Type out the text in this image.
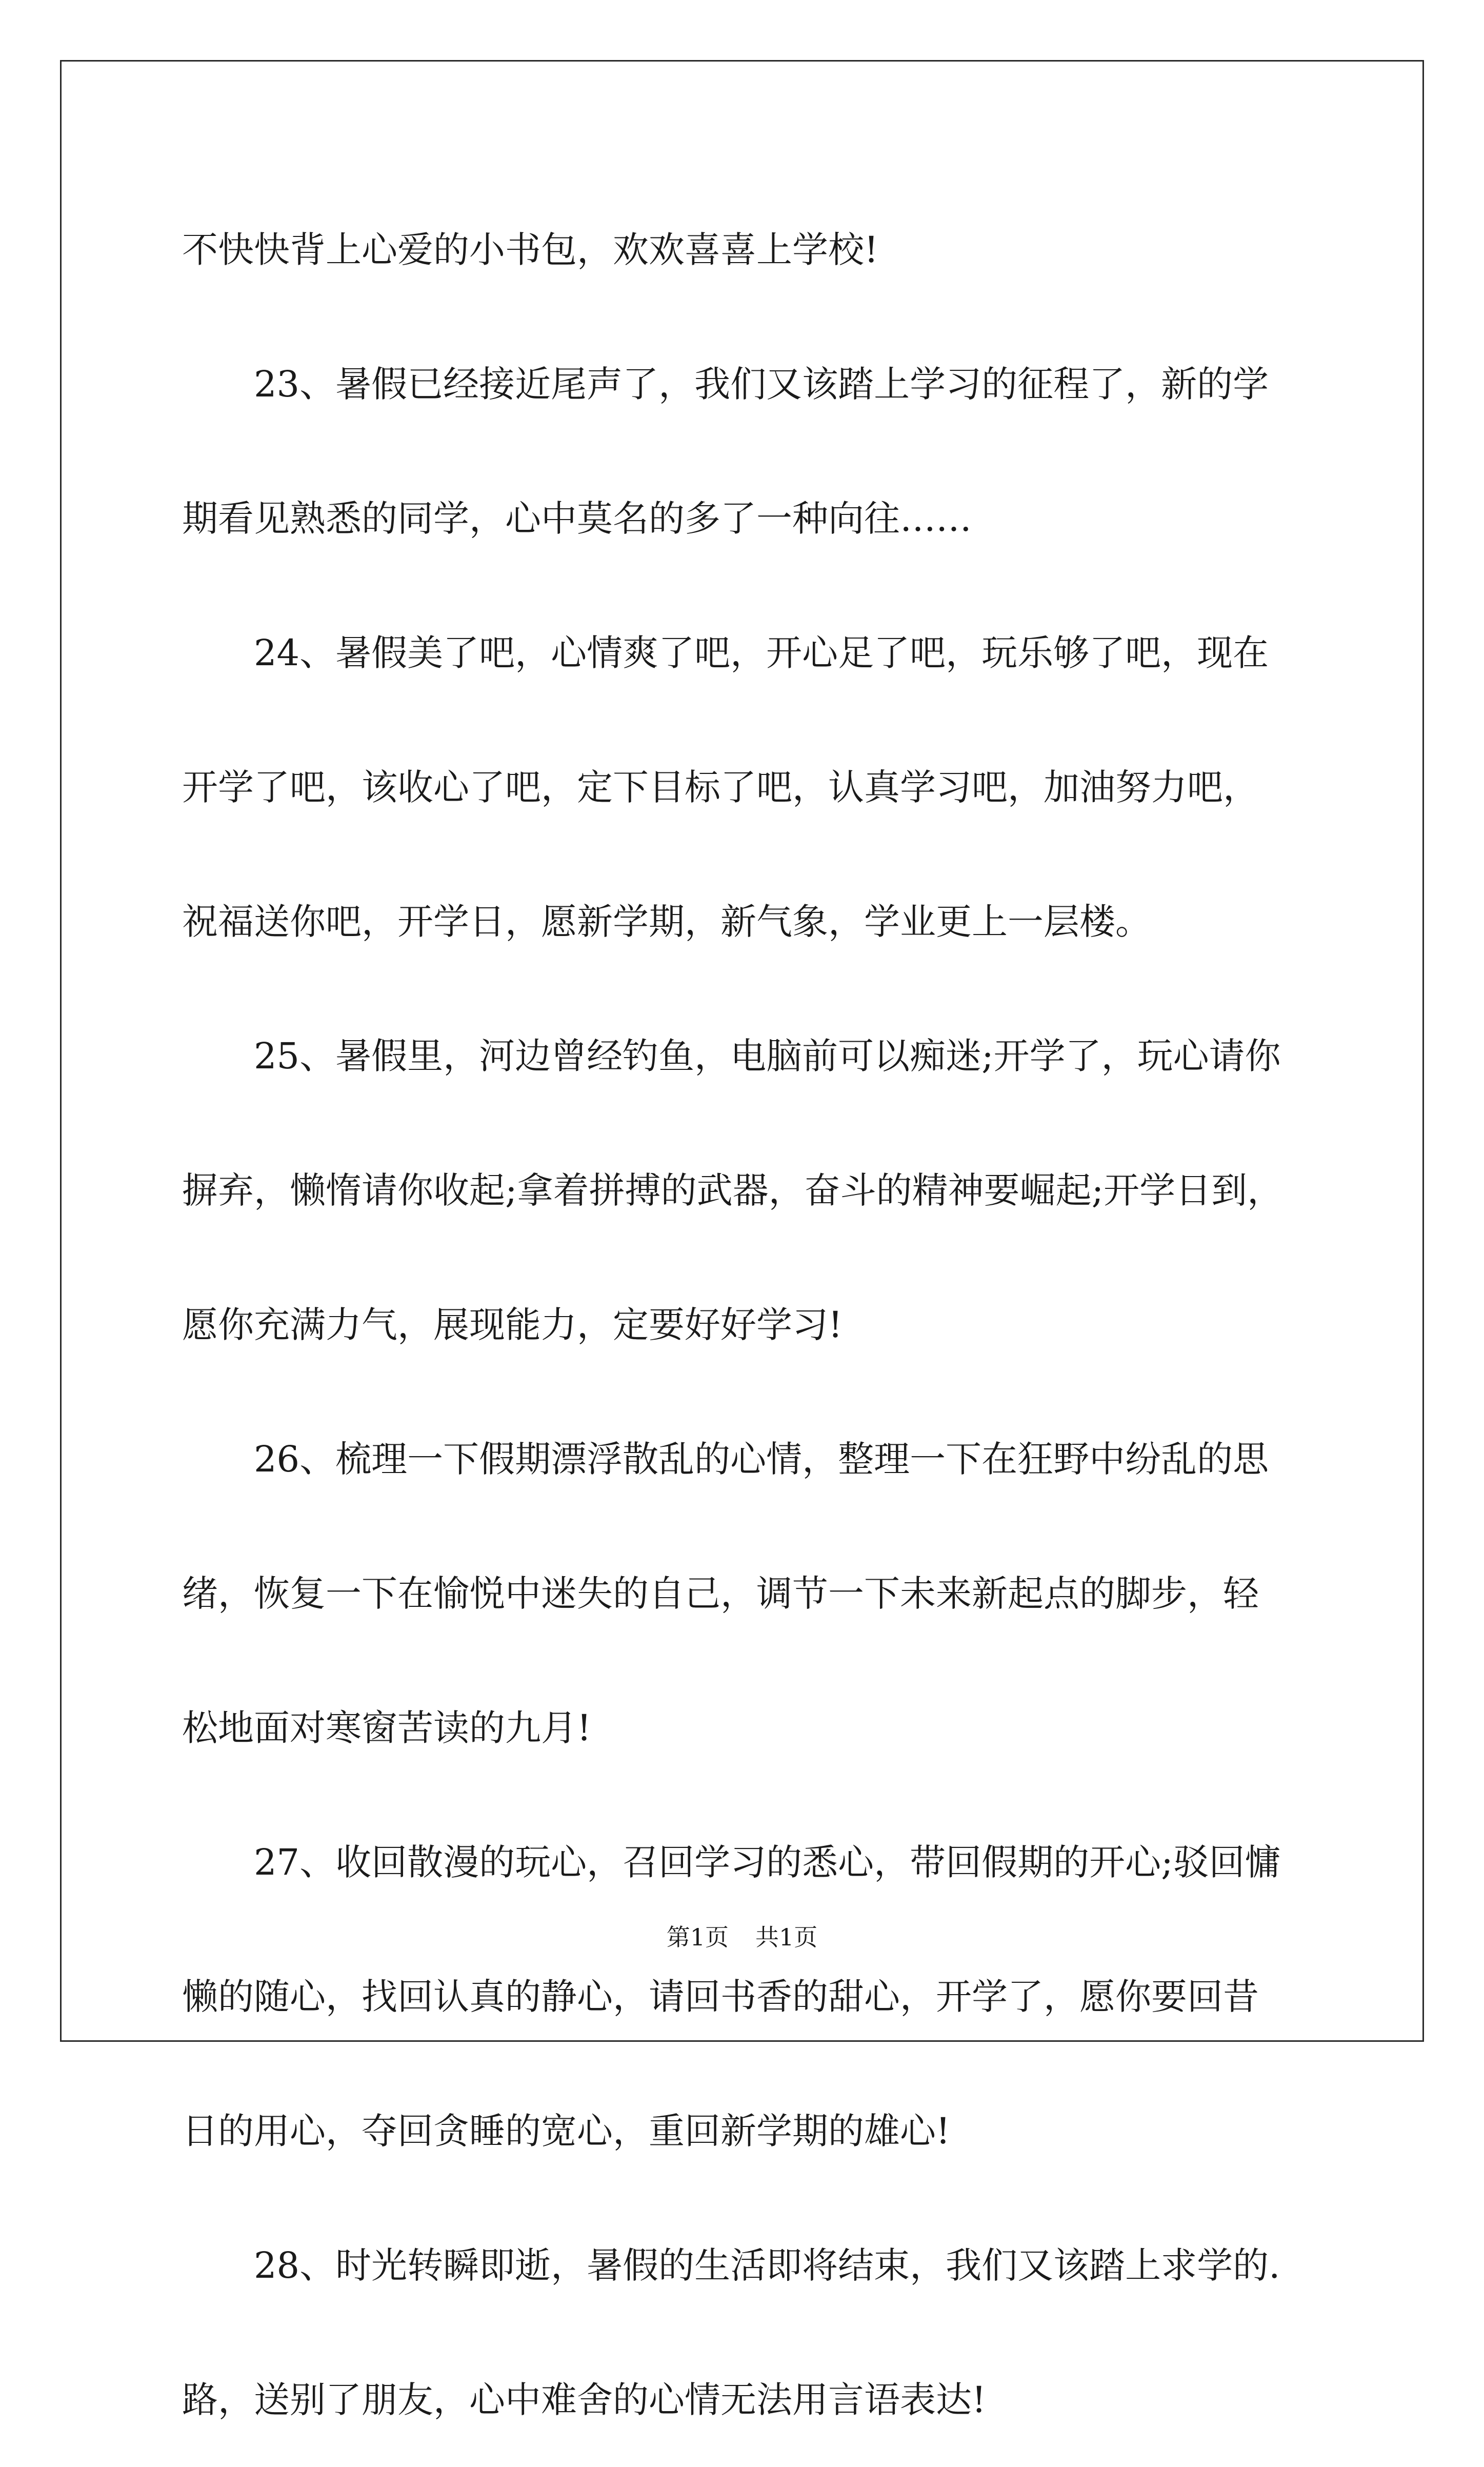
不快快背上心爱的小书包，欢欢喜喜上学校!
23、暑假已经接近尾声了，我们又该踏上学习的征程了，新的学
期看见熟悉的同学，心中莫名的多了一种向往……
24、暑假美了吧，心情爽了吧，开心足了吧，玩乐够了吧，现在
开学了吧，该收心了吧，定下目标了吧，认真学习吧，加油努力吧，
祝福送你吧，开学日，愿新学期，新气象，学业更上一层楼。
25、暑假里，河边曾经钓鱼，电脑前可以痴迷;开学了，玩心请你
摒弃，懒惰请你收起;拿着拼搏的武器，奋斗的精神要崛起;开学日到，
愿你充满力气，展现能力，定要好好学习!
26、梳理一下假期漂浮散乱的心情，整理一下在狂野中纷乱的思
绪，恢复一下在愉悦中迷失的自己，调节一下未来新起点的脚步，轻
松地面对寒窗苦读的九月!
27、收回散漫的玩心，召回学习的悉心，带回假期的开心;驳回慵
懒的随心，找回认真的静心，请回书香的甜心，开学了，愿你要回昔
日的用心，夺回贪睡的宽心，重回新学期的雄心!
28、时光转瞬即逝，暑假的生活即将结束，我们又该踏上求学的.
路，送别了朋友，心中难舍的心情无法用言语表达!
第1页 共1页
